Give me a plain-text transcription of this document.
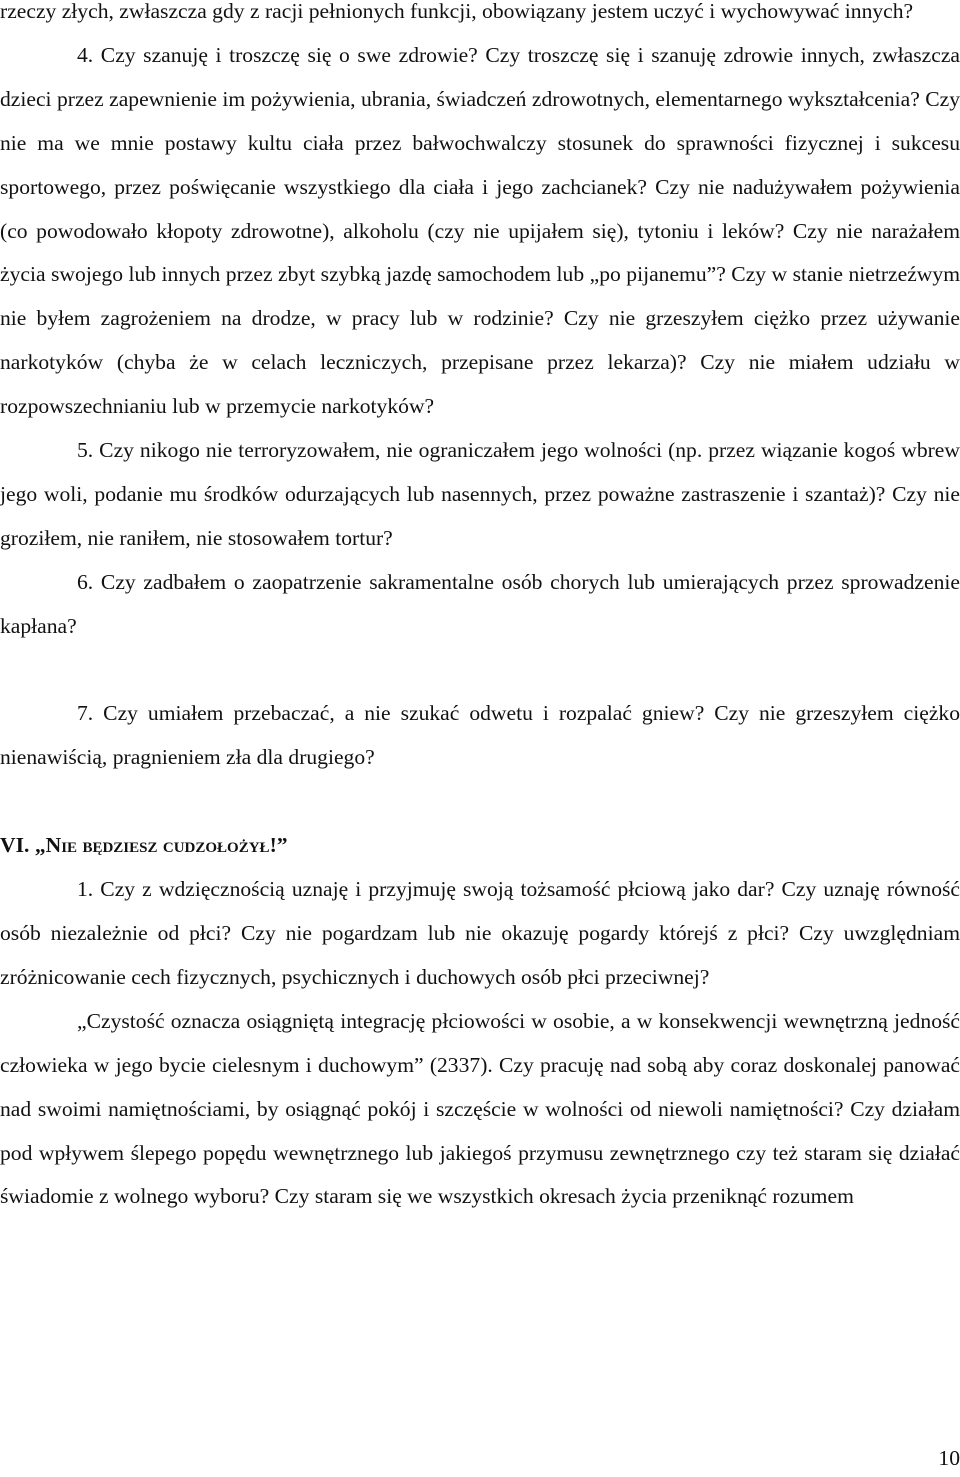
rzeczy złych, zwłaszcza gdy z racji pełnionych funkcji, obowiązany jestem uczyć i wychowywać innych?

4. Czy szanuję i troszczę się o swe zdrowie? Czy troszczę się i szanuję zdrowie innych, zwłaszcza dzieci przez zapewnienie im pożywienia, ubrania, świadczeń zdrowotnych, elementarnego wykształcenia? Czy nie ma we mnie postawy kultu ciała przez bałwochwalczy stosunek do sprawności fizycznej i sukcesu sportowego, przez poświęcanie wszystkiego dla ciała i jego zachcianek? Czy nie nadużywałem pożywienia (co powodowało kłopoty zdrowotne), alkoholu (czy nie upijałem się), tytoniu i leków? Czy nie narażałem życia swojego lub innych przez zbyt szybką jazdę samochodem lub „po pijanemu”? Czy w stanie nietrzeźwym nie byłem zagrożeniem na drodze, w pracy lub w rodzinie? Czy nie grzeszyłem ciężko przez używanie narkotyków (chyba że w celach leczniczych, przepisane przez lekarza)? Czy nie miałem udziału w rozpowszechnianiu lub w przemycie narkotyków?

5. Czy nikogo nie terroryzowałem, nie ograniczałem jego wolności (np. przez wiązanie kogoś wbrew jego woli, podanie mu środków odurzających lub nasennych, przez poważne zastraszenie i szantaż)? Czy nie groziłem, nie raniłem, nie stosowałem tortur?

6. Czy zadbałem o zaopatrzenie sakramentalne osób chorych lub umierających przez sprowadzenie kapłana?

7. Czy umiałem przebaczać, a nie szukać odwetu i rozpalać gniew? Czy nie grzeszyłem ciężko nienawiścią, pragnieniem zła dla drugiego?

VI. „Nie będziesz cudzołożył!”

1. Czy z wdzięcznością uznaję i przyjmuję swoją tożsamość płciową jako dar? Czy uznaję równość osób niezależnie od płci? Czy nie pogardzam lub nie okazuję pogardy którejś z płci? Czy uwzględniam zróżnicowanie cech fizycznych, psychicznych i duchowych osób płci przeciwnej?

„Czystość oznacza osiągniętą integrację płciowości w osobie, a w konsekwencji wewnętrzną jedność człowieka w jego bycie cielesnym i duchowym” (2337). Czy pracuję nad sobą aby coraz doskonalej panować nad swoimi namiętnościami, by osiągnąć pokój i szczęście w wolności od niewoli namiętności? Czy działam pod wpływem ślepego popędu wewnętrznego lub jakiegoś przymusu zewnętrznego czy też staram się działać świadomie z wolnego wyboru? Czy staram się we wszystkich okresach życia przeniknąć rozumem

10
